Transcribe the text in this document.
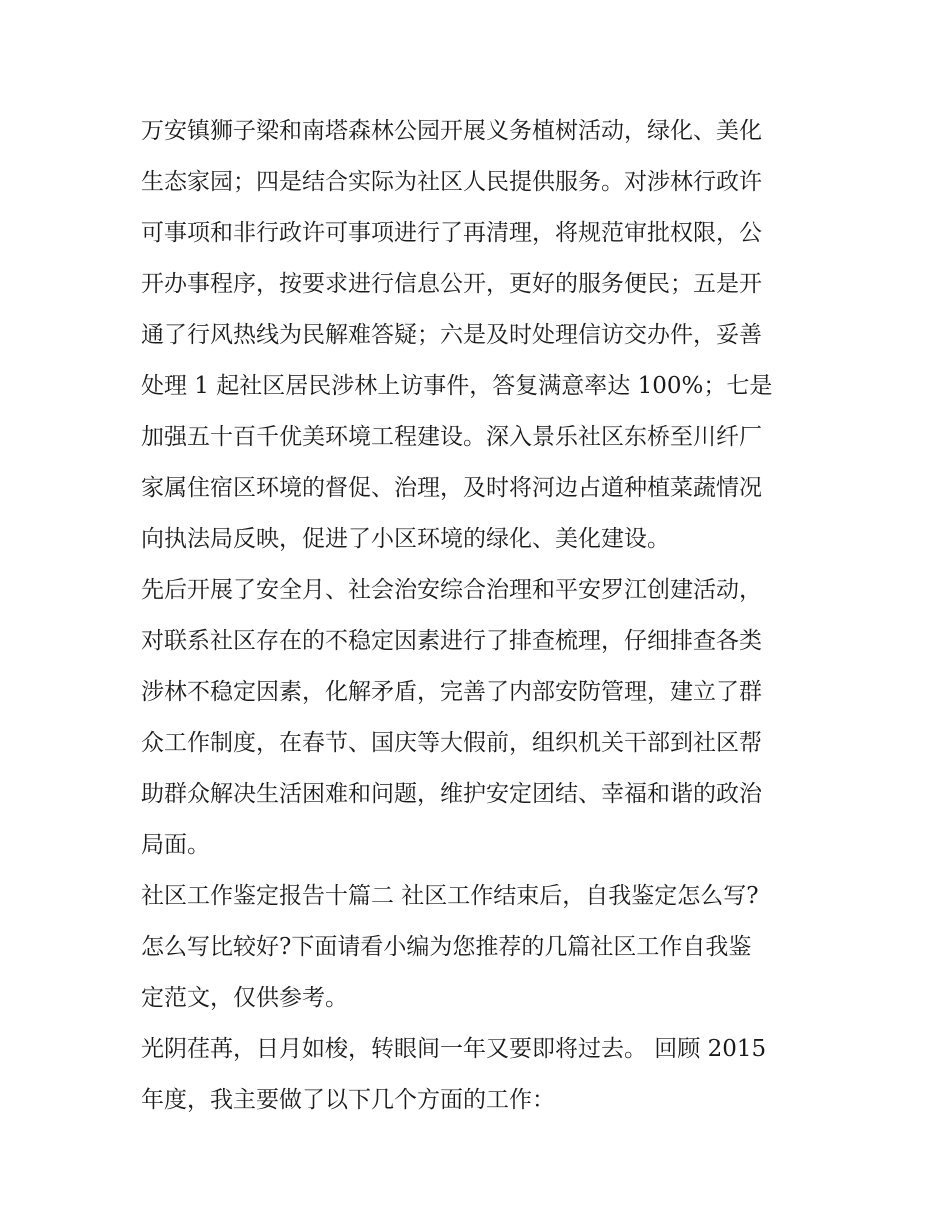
万安镇狮子梁和南塔森林公园开展义务植树活动，绿化、美化
生态家园；四是结合实际为社区人民提供服务。对涉林行政许
可事项和非行政许可事项进行了再清理，将规范审批权限，公
开办事程序，按要求进行信息公开，更好的服务便民；五是开
通了行风热线为民解难答疑；六是及时处理信访交办件，妥善
处理 1 起社区居民涉林上访事件，答复满意率达 100%；七是
加强五十百千优美环境工程建设。深入景乐社区东桥至川纤厂
家属住宿区环境的督促、治理，及时将河边占道种植菜蔬情况
向执法局反映，促进了小区环境的绿化、美化建设。
先后开展了安全月、社会治安综合治理和平安罗江创建活动，
对联系社区存在的不稳定因素进行了排查梳理，仔细排查各类
涉林不稳定因素，化解矛盾，完善了内部安防管理，建立了群
众工作制度，在春节、国庆等大假前，组织机关干部到社区帮
助群众解决生活困难和问题，维护安定团结、幸福和谐的政治
局面。
社区工作鉴定报告十篇二 社区工作结束后，自我鉴定怎么写?
怎么写比较好?下面请看小编为您推荐的几篇社区工作自我鉴
定范文，仅供参考。
光阴荏苒，日月如梭，转眼间一年又要即将过去。 回顾 2015
年度，我主要做了以下几个方面的工作：
